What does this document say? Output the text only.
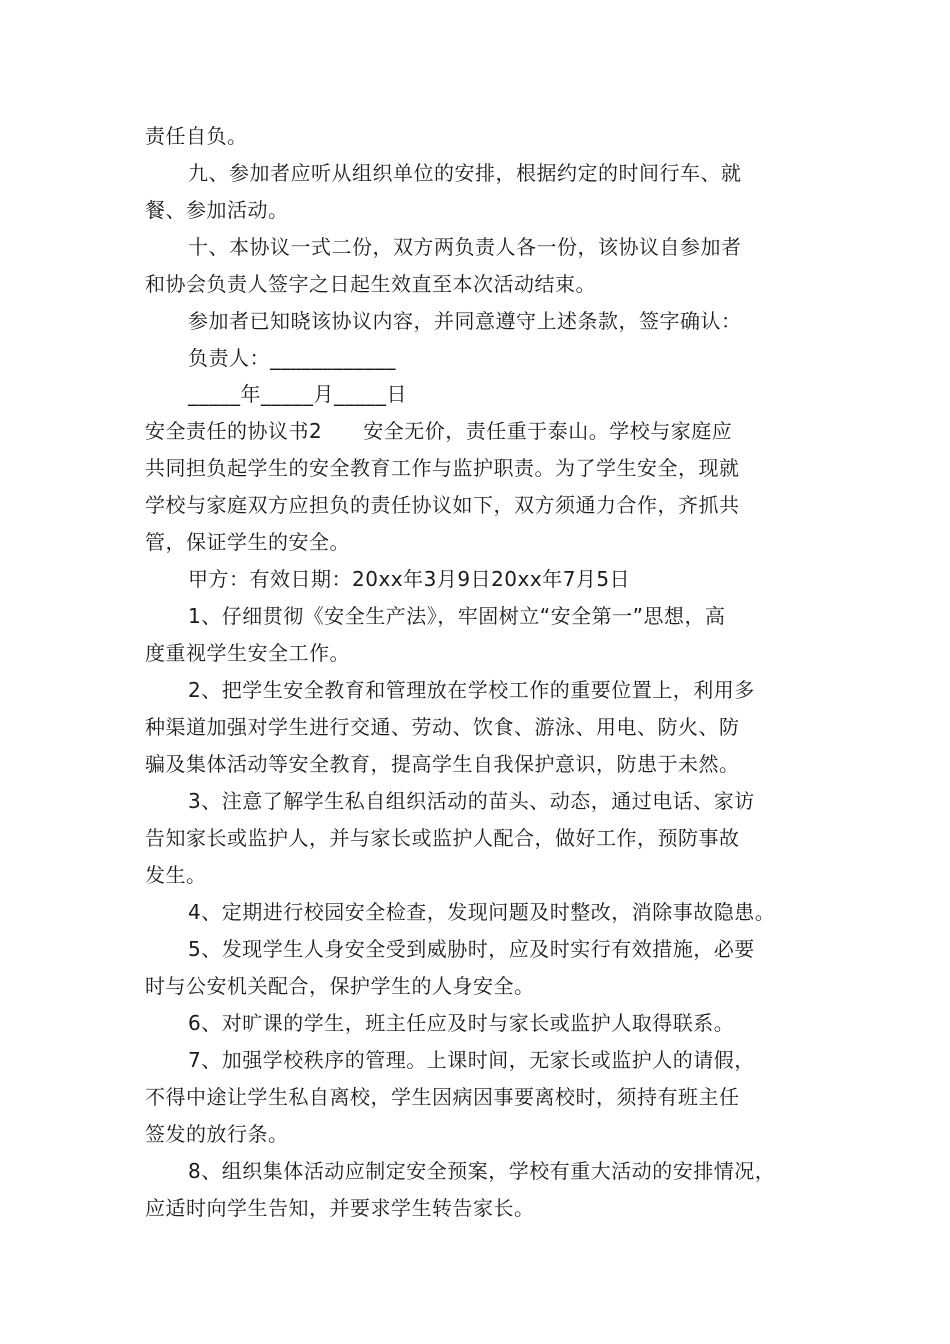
责任自负。
九、参加者应听从组织单位的安排，根据约定的时间行车、就
餐、参加活动。
十、本协议一式二份，双方两负责人各一份，该协议自参加者
和协会负责人签字之日起生效直至本次活动结束。
参加者已知晓该协议内容，并同意遵守上述条款，签字确认：
负责人：____________
_____年_____月_____日
安全责任的协议书2　　安全无价，责任重于泰山。学校与家庭应
共同担负起学生的安全教育工作与监护职责。为了学生安全，现就
学校与家庭双方应担负的责任协议如下，双方须通力合作，齐抓共
管，保证学生的安全。
甲方：有效日期：20xx年3月9日20xx年7月5日
1、仔细贯彻《安全生产法》，牢固树立“安全第一”思想，高
度重视学生安全工作。
2、把学生安全教育和管理放在学校工作的重要位置上，利用多
种渠道加强对学生进行交通、劳动、饮食、游泳、用电、防火、防
骗及集体活动等安全教育，提高学生自我保护意识，防患于未然。
3、注意了解学生私自组织活动的苗头、动态，通过电话、家访
告知家长或监护人，并与家长或监护人配合，做好工作，预防事故
发生。
4、定期进行校园安全检查，发现问题及时整改，消除事故隐患。
5、发现学生人身安全受到威胁时，应及时实行有效措施，必要
时与公安机关配合，保护学生的人身安全。
6、对旷课的学生，班主任应及时与家长或监护人取得联系。
7、加强学校秩序的管理。上课时间，无家长或监护人的请假，
不得中途让学生私自离校，学生因病因事要离校时，须持有班主任
签发的放行条。
8、组织集体活动应制定安全预案，学校有重大活动的安排情况，
应适时向学生告知，并要求学生转告家长。
